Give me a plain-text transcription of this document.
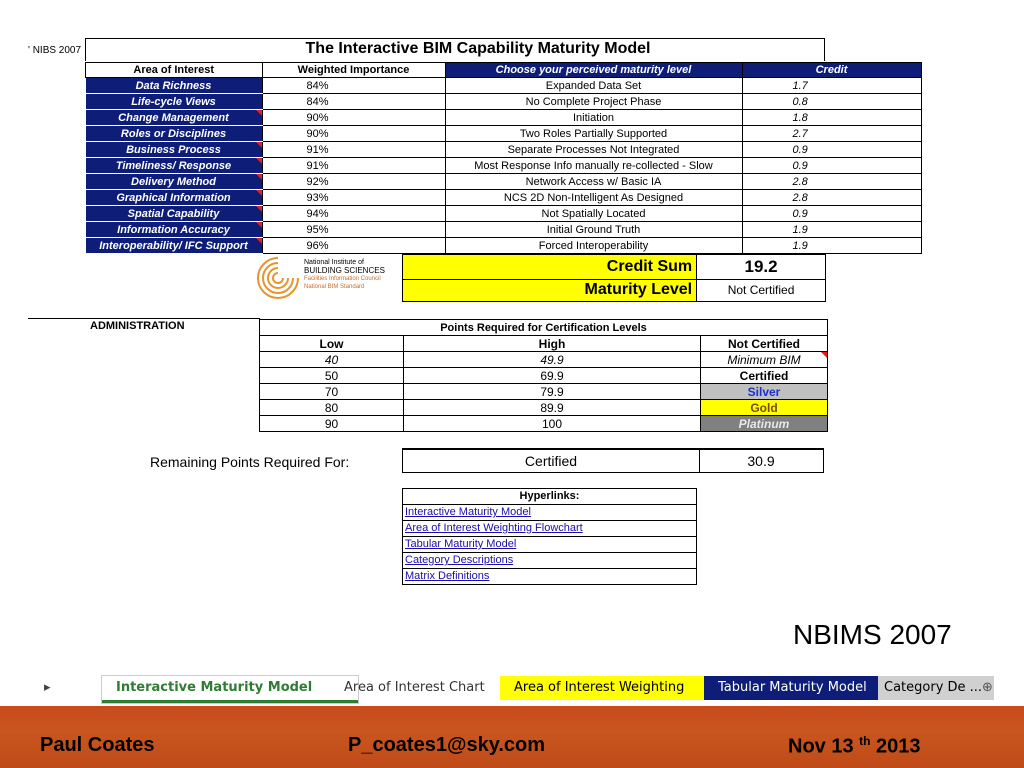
' NIBS 2007	The Interactive BIM Capability Maturity Model
Area of Interest	Weighted Importance	Choose your perceived maturity level	Credit
Data Richness	84%	Expanded Data Set	1.7
Life-cycle Views	84%	No Complete Project Phase	0.8
Change Management	90%	Initiation	1.8
Roles or Disciplines	90%	Two Roles Partially Supported	2.7
Business Process	91%	Separate Processes Not Integrated	0.9
Timeliness/ Response	91%	Most Response Info manually re-collected - Slow	0.9
Delivery Method	92%	Network Access w/ Basic IA	2.8
Graphical Information	93%	NCS 2D Non-Intelligent As Designed	2.8
Spatial Capability	94%	Not Spatially Located	0.9
Information Accuracy	95%	Initial Ground Truth	1.9
Interoperability/ IFC Support	96%	Forced Interoperability	1.9
National Institute of
BUILDING SCIENCES
Facilities Information Council
National BIM Standard
Credit Sum	19.2
Maturity Level	Not Certified
ADMINISTRATION	Points Required for Certification Levels		
Low	High	Not Certified
40	49.9	Minimum BIM

50	69.9	Certified
70	79.9	Silver
80	89.9	Gold
90	100	Platinum
Remaining Points Required For:	Certified	30.9
Hyperlinks:
Interactive Maturity Model
Area of Interest Weighting Flowchart
Tabular Maturity Model
Category Descriptions
Matrix Definitions
NBIMS 2007
▸	Interactive Maturity Model	Area of Interest Chart	Area of Interest Weighting	Tabular Maturity Model	Category De ... ⊕
Paul Coates	P_coates1@sky.com	Nov 13 $^{th}$ 2013
